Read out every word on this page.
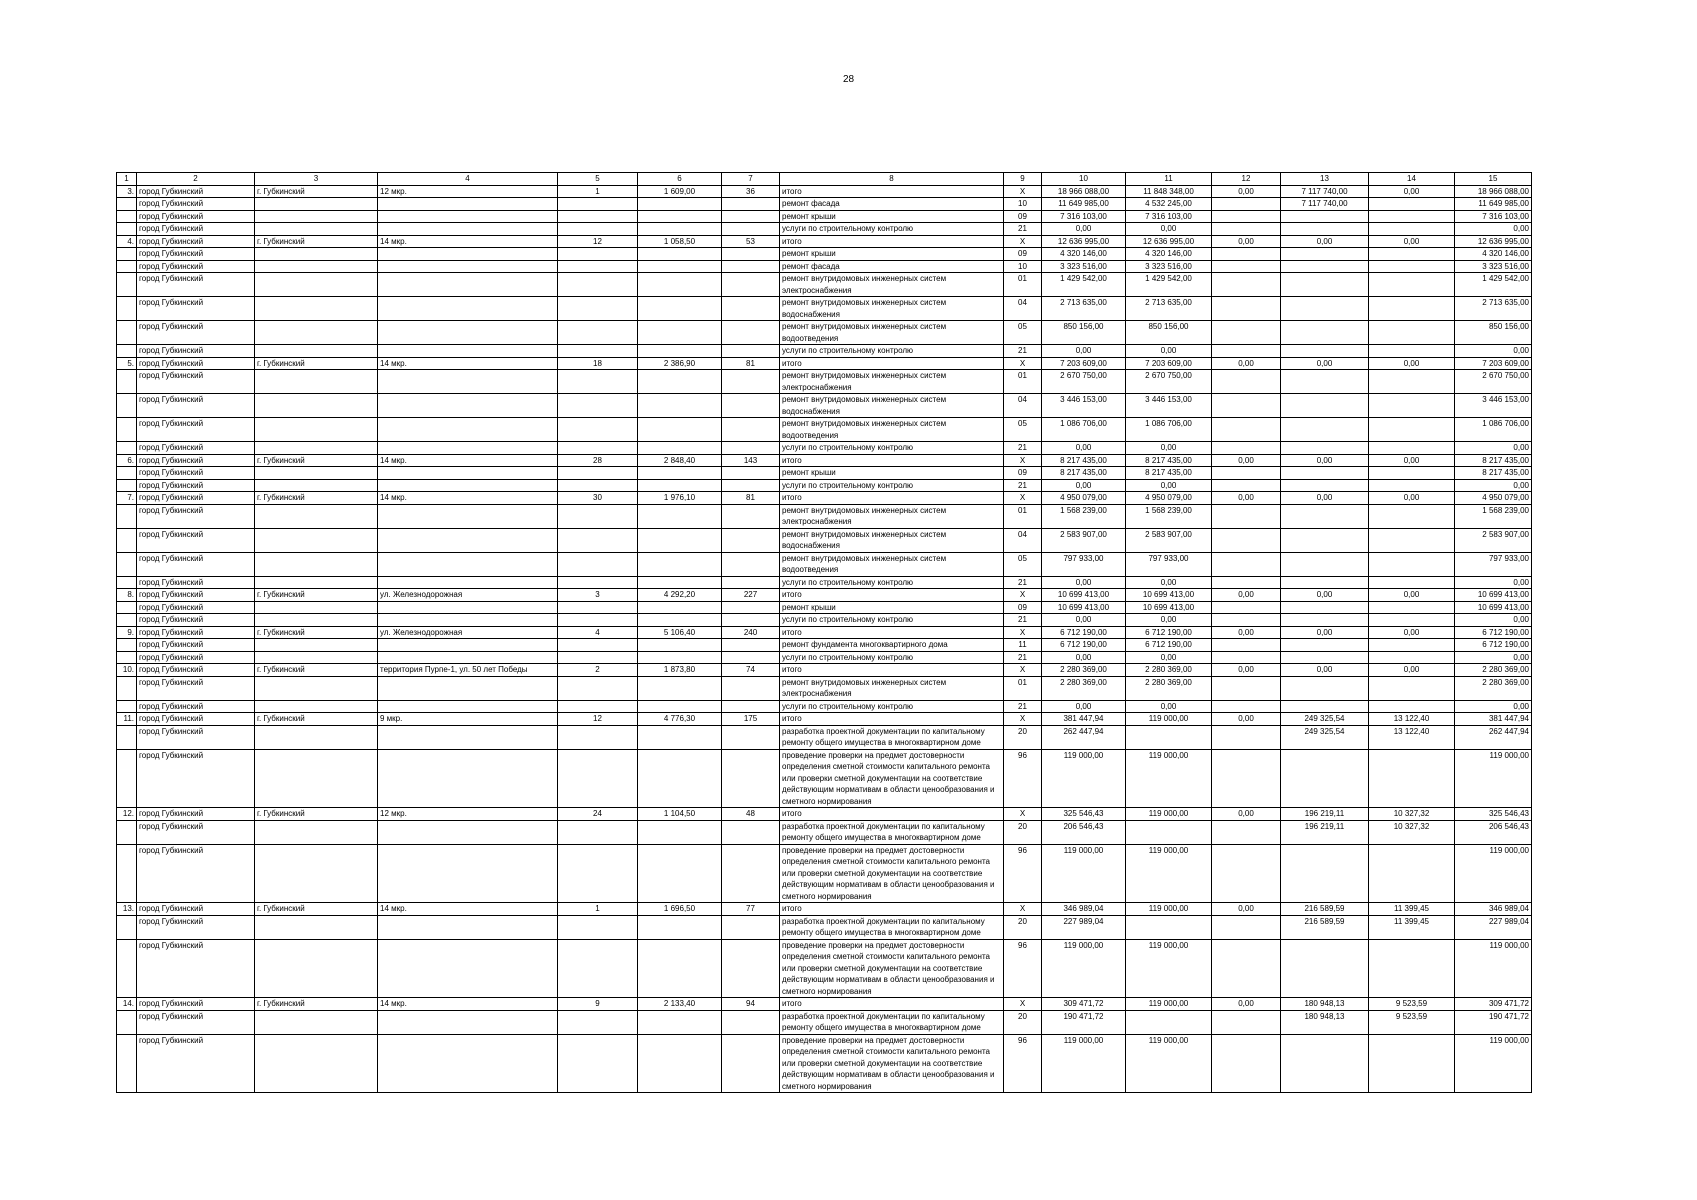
28
1	2	3	4	5	6	7	8	9	10	11	12	13	14	15
3.	город Губкинский	г. Губкинский	12 мкр.	1	1 609,00	36	итого	X	18 966 088,00	11 848 348,00	0,00	7 117 740,00	0,00	18 966 088,00
	город Губкинский						ремонт фасада	10	11 649 985,00	4 532 245,00		7 117 740,00		11 649 985,00
	город Губкинский						ремонт крыши	09	7 316 103,00	7 316 103,00				7 316 103,00
	город Губкинский						услуги по строительному контролю	21	0,00	0,00				0,00
4.	город Губкинский	г. Губкинский	14 мкр.	12	1 058,50	53	итого	X	12 636 995,00	12 636 995,00	0,00	0,00	0,00	12 636 995,00
	город Губкинский						ремонт крыши	09	4 320 146,00	4 320 146,00				4 320 146,00
	город Губкинский						ремонт фасада	10	3 323 516,00	3 323 516,00				3 323 516,00
	город Губкинский						ремонт внутридомовых инженерных систем электроснабжения	01	1 429 542,00	1 429 542,00				1 429 542,00
	город Губкинский						ремонт внутридомовых инженерных систем водоснабжения	04	2 713 635,00	2 713 635,00				2 713 635,00
	город Губкинский						ремонт внутридомовых инженерных систем водоотведения	05	850 156,00	850 156,00				850 156,00
	город Губкинский						услуги по строительному контролю	21	0,00	0,00				0,00
5.	город Губкинский	г. Губкинский	14 мкр.	18	2 386,90	81	итого	X	7 203 609,00	7 203 609,00	0,00	0,00	0,00	7 203 609,00
	город Губкинский						ремонт внутридомовых инженерных систем электроснабжения	01	2 670 750,00	2 670 750,00				2 670 750,00
	город Губкинский						ремонт внутридомовых инженерных систем водоснабжения	04	3 446 153,00	3 446 153,00				3 446 153,00
	город Губкинский						ремонт внутридомовых инженерных систем водоотведения	05	1 086 706,00	1 086 706,00				1 086 706,00
	город Губкинский						услуги по строительному контролю	21	0,00	0,00				0,00
6.	город Губкинский	г. Губкинский	14 мкр.	28	2 848,40	143	итого	X	8 217 435,00	8 217 435,00	0,00	0,00	0,00	8 217 435,00
	город Губкинский						ремонт крыши	09	8 217 435,00	8 217 435,00				8 217 435,00
	город Губкинский						услуги по строительному контролю	21	0,00	0,00				0,00
7.	город Губкинский	г. Губкинский	14 мкр.	30	1 976,10	81	итого	X	4 950 079,00	4 950 079,00	0,00	0,00	0,00	4 950 079,00
	город Губкинский						ремонт внутридомовых инженерных систем электроснабжения	01	1 568 239,00	1 568 239,00				1 568 239,00
	город Губкинский						ремонт внутридомовых инженерных систем водоснабжения	04	2 583 907,00	2 583 907,00				2 583 907,00
	город Губкинский						ремонт внутридомовых инженерных систем водоотведения	05	797 933,00	797 933,00				797 933,00
	город Губкинский						услуги по строительному контролю	21	0,00	0,00				0,00
8.	город Губкинский	г. Губкинский	ул. Железнодорожная	3	4 292,20	227	итого	X	10 699 413,00	10 699 413,00	0,00	0,00	0,00	10 699 413,00
	город Губкинский						ремонт крыши	09	10 699 413,00	10 699 413,00				10 699 413,00
	город Губкинский						услуги по строительному контролю	21	0,00	0,00				0,00
9.	город Губкинский	г. Губкинский	ул. Железнодорожная	4	5 106,40	240	итого	X	6 712 190,00	6 712 190,00	0,00	0,00	0,00	6 712 190,00
	город Губкинский						ремонт фундамента многоквартирного дома	11	6 712 190,00	6 712 190,00				6 712 190,00
	город Губкинский						услуги по строительному контролю	21	0,00	0,00				0,00
10.	город Губкинский	г. Губкинский	территория Пурпе-1, ул. 50 лет Победы	2	1 873,80	74	итого	X	2 280 369,00	2 280 369,00	0,00	0,00	0,00	2 280 369,00
	город Губкинский						ремонт внутридомовых инженерных систем электроснабжения	01	2 280 369,00	2 280 369,00				2 280 369,00
	город Губкинский						услуги по строительному контролю	21	0,00	0,00				0,00
11.	город Губкинский	г. Губкинский	9 мкр.	12	4 776,30	175	итого	X	381 447,94	119 000,00	0,00	249 325,54	13 122,40	381 447,94
	город Губкинский						разработка проектной документации по капитальному ремонту общего имущества в многоквартирном доме	20	262 447,94			249 325,54	13 122,40	262 447,94
	город Губкинский						проведение проверки на предмет достоверности определения сметной стоимости капитального ремонта или проверки сметной документации на соответствие действующим нормативам в области ценообразования и сметного нормирования	96	119 000,00	119 000,00				119 000,00
12.	город Губкинский	г. Губкинский	12 мкр.	24	1 104,50	48	итого	X	325 546,43	119 000,00	0,00	196 219,11	10 327,32	325 546,43
	город Губкинский						разработка проектной документации по капитальному ремонту общего имущества в многоквартирном доме	20	206 546,43			196 219,11	10 327,32	206 546,43
	город Губкинский						проведение проверки на предмет достоверности определения сметной стоимости капитального ремонта или проверки сметной документации на соответствие действующим нормативам в области ценообразования и сметного нормирования	96	119 000,00	119 000,00				119 000,00
13.	город Губкинский	г. Губкинский	14 мкр.	1	1 696,50	77	итого	X	346 989,04	119 000,00	0,00	216 589,59	11 399,45	346 989,04
	город Губкинский						разработка проектной документации по капитальному ремонту общего имущества в многоквартирном доме	20	227 989,04			216 589,59	11 399,45	227 989,04
	город Губкинский						проведение проверки на предмет достоверности определения сметной стоимости капитального ремонта или проверки сметной документации на соответствие действующим нормативам в области ценообразования и сметного нормирования	96	119 000,00	119 000,00				119 000,00
14.	город Губкинский	г. Губкинский	14 мкр.	9	2 133,40	94	итого	X	309 471,72	119 000,00	0,00	180 948,13	9 523,59	309 471,72
	город Губкинский						разработка проектной документации по капитальному ремонту общего имущества в многоквартирном доме	20	190 471,72			180 948,13	9 523,59	190 471,72
	город Губкинский						проведение проверки на предмет достоверности определения сметной стоимости капитального ремонта или проверки сметной документации на соответствие действующим нормативам в области ценообразования и сметного нормирования	96	119 000,00	119 000,00				119 000,00
